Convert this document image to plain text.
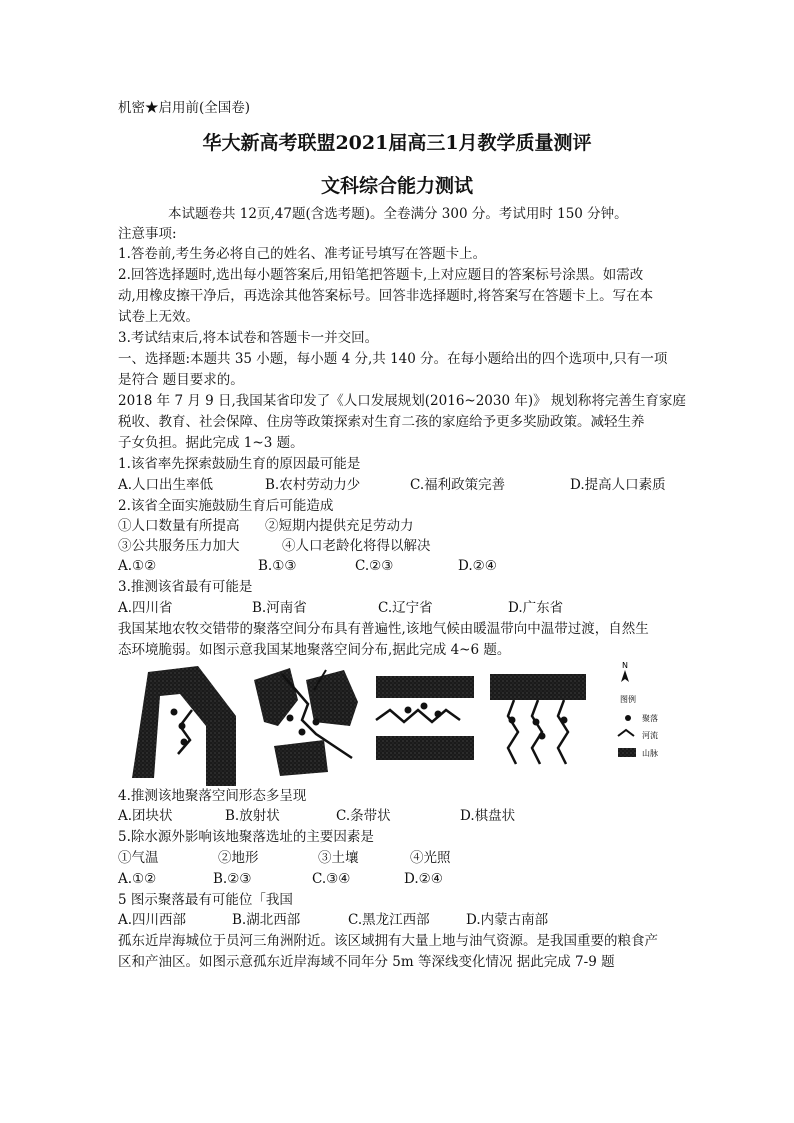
机密★启用前(全国卷)
华大新高考联盟2021届高三1月教学质量测评
文科综合能力测试
本试题卷共 12页,47题(含选考题)。全卷满分 300 分。考试用时 150 分钟。
注意事项:
1.答卷前,考生务必将自己的姓名、准考证号填写在答题卡上。
2.回答选择题时,选出每小题答案后,用铅笔把答题卡,上对应题目的答案标号涂黑。如需改
动,用橡皮擦干净后，再选涂其他答案标号。回答非选择题时,将答案写在答题卡上。写在本
试卷上无效。
3.考试结束后,将本试卷和答题卡一并交回。
一、选择题:本题共 35 小题，每小题 4 分,共 140 分。在每小题给出的四个选项中,只有一项
是符合 题目要求的。
2018 年 7 月 9 日,我国某省印发了《人口发展规划(2016~2030 年)》 规划称将完善生育家庭
税收、教育、社会保障、住房等政策探索对生育二孩的家庭给予更多奖励政策。减轻生养
子女负担。据此完成 1~3 题。
1.该省率先探索鼓励生育的原因最可能是
A.人口出生率低	B.农村劳动力少	C.福利政策完善	D.提高人口素质
2.该省全面实施鼓励生育后可能造成
①人口数量有所提高 ②短期内提供充足劳动力
③公共服务压力加大	④人口老龄化将得以解决
A.①②	B.①③	C.②③	D.②④
3.推测该省最有可能是
A.四川省	B.河南省	C.辽宁省	D.广东省
我国某地农牧交错带的聚落空间分布具有普遍性,该地气候由暖温带向中温带过渡，自然生
态环境脆弱。如图示意我国某地聚落空间分布,据此完成 4~6 题。
N
图例
聚落
河流
山脉
4.推测该地聚落空间形态多呈现
A.团块状	B.放射状	C.条带状	D.棋盘状
5.除水源外影响该地聚落选址的主要因素是
①气温	②地形	③土壤	④光照
A.①②	B.②③	C.③④	D.②④
5 图示聚落最有可能位「我国
A.四川西部	B.湖北西部	C.黑龙江西部	D.内蒙古南部
孤东近岸海城位于员河三角洲附近。该区域拥有大量上地与油气资源。是我国重要的粮食产
区和产油区。如图示意孤东近岸海域不同年分 5m 等深线变化情况 据此完成 7-9 题
